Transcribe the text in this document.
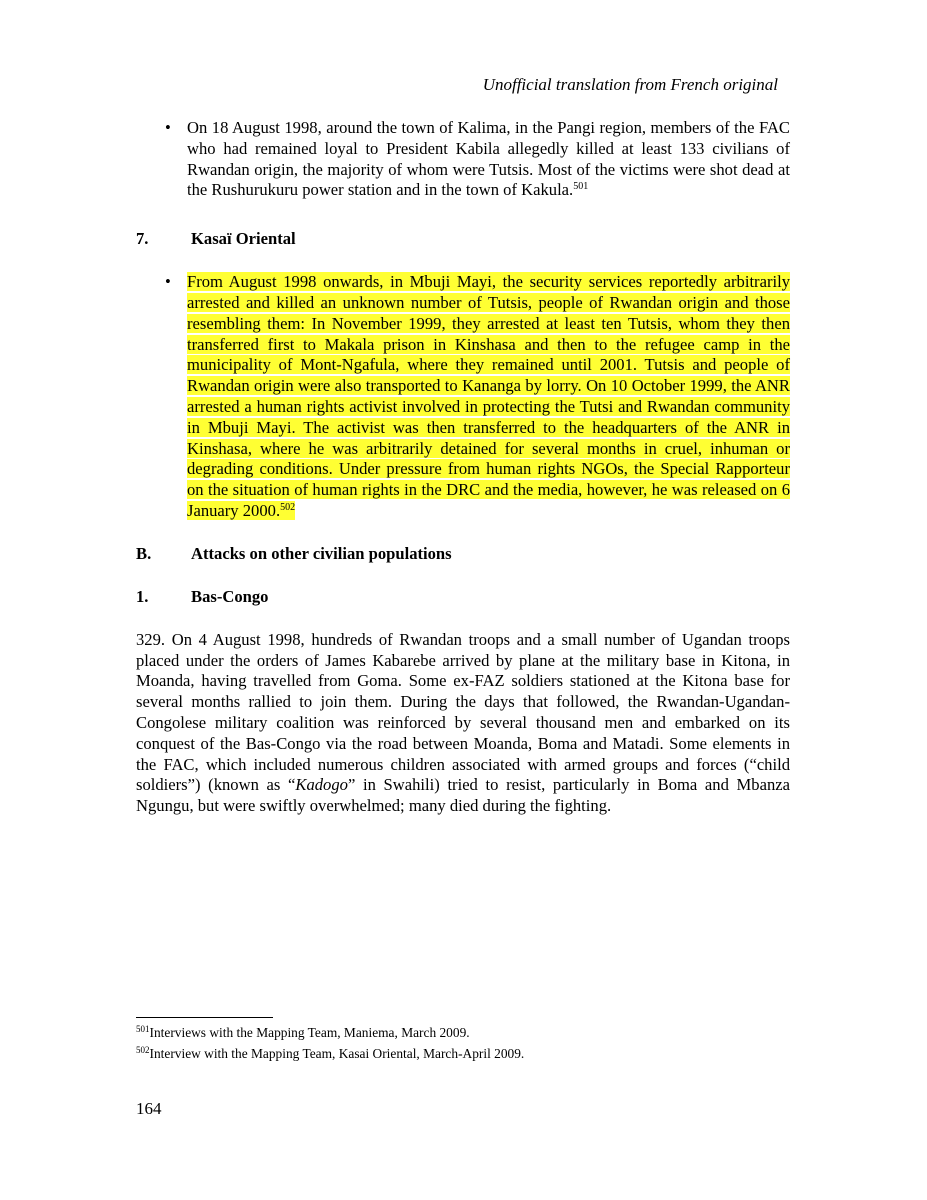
Unofficial translation from French original
• On 18 August 1998, around the town of Kalima, in the Pangi region, members of the FAC who had remained loyal to President Kabila allegedly killed at least 133 civilians of Rwandan origin, the majority of whom were Tutsis. Most of the victims were shot dead at the Rushurukuru power station and in the town of Kakula.$^{501}$
7.	Kasaï Oriental
• From August 1998 onwards, in Mbuji Mayi, the security services reportedly arbitrarily arrested and killed an unknown number of Tutsis, people of Rwandan origin and those resembling them: In November 1999, they arrested at least ten Tutsis, whom they then transferred first to Makala prison in Kinshasa and then to the refugee camp in the municipality of Mont-Ngafula, where they remained until 2001. Tutsis and people of Rwandan origin were also transported to Kananga by lorry. On 10 October 1999, the ANR arrested a human rights activist involved in protecting the Tutsi and Rwandan community in Mbuji Mayi. The activist was then transferred to the headquarters of the ANR in Kinshasa, where he was arbitrarily detained for several months in cruel, inhuman or degrading conditions. Under pressure from human rights NGOs, the Special Rapporteur on the situation of human rights in the DRC and the media, however, he was released on 6 January 2000.$^{502}$
B. Attacks on other civilian populations
1.	Bas-Congo
329. On 4 August 1998, hundreds of Rwandan troops and a small number of Ugandan troops placed under the orders of James Kabarebe arrived by plane at the military base in Kitona, in Moanda, having travelled from Goma. Some ex-FAZ soldiers stationed at the Kitona base for several months rallied to join them. During the days that followed, the Rwandan-Ugandan-Congolese military coalition was reinforced by several thousand men and embarked on its conquest of the Bas-Congo via the road between Moanda, Boma and Matadi. Some elements in the FAC, which included numerous children associated with armed groups and forces (“child soldiers”) (known as “Kadogo” in Swahili) tried to resist, particularly in Boma and Mbanza Ngungu, but were swiftly overwhelmed; many died during the fighting.
$^{501}$Interviews with the Mapping Team, Maniema, March 2009.
$^{502}$Interview with the Mapping Team, Kasai Oriental, March-April 2009.
164
